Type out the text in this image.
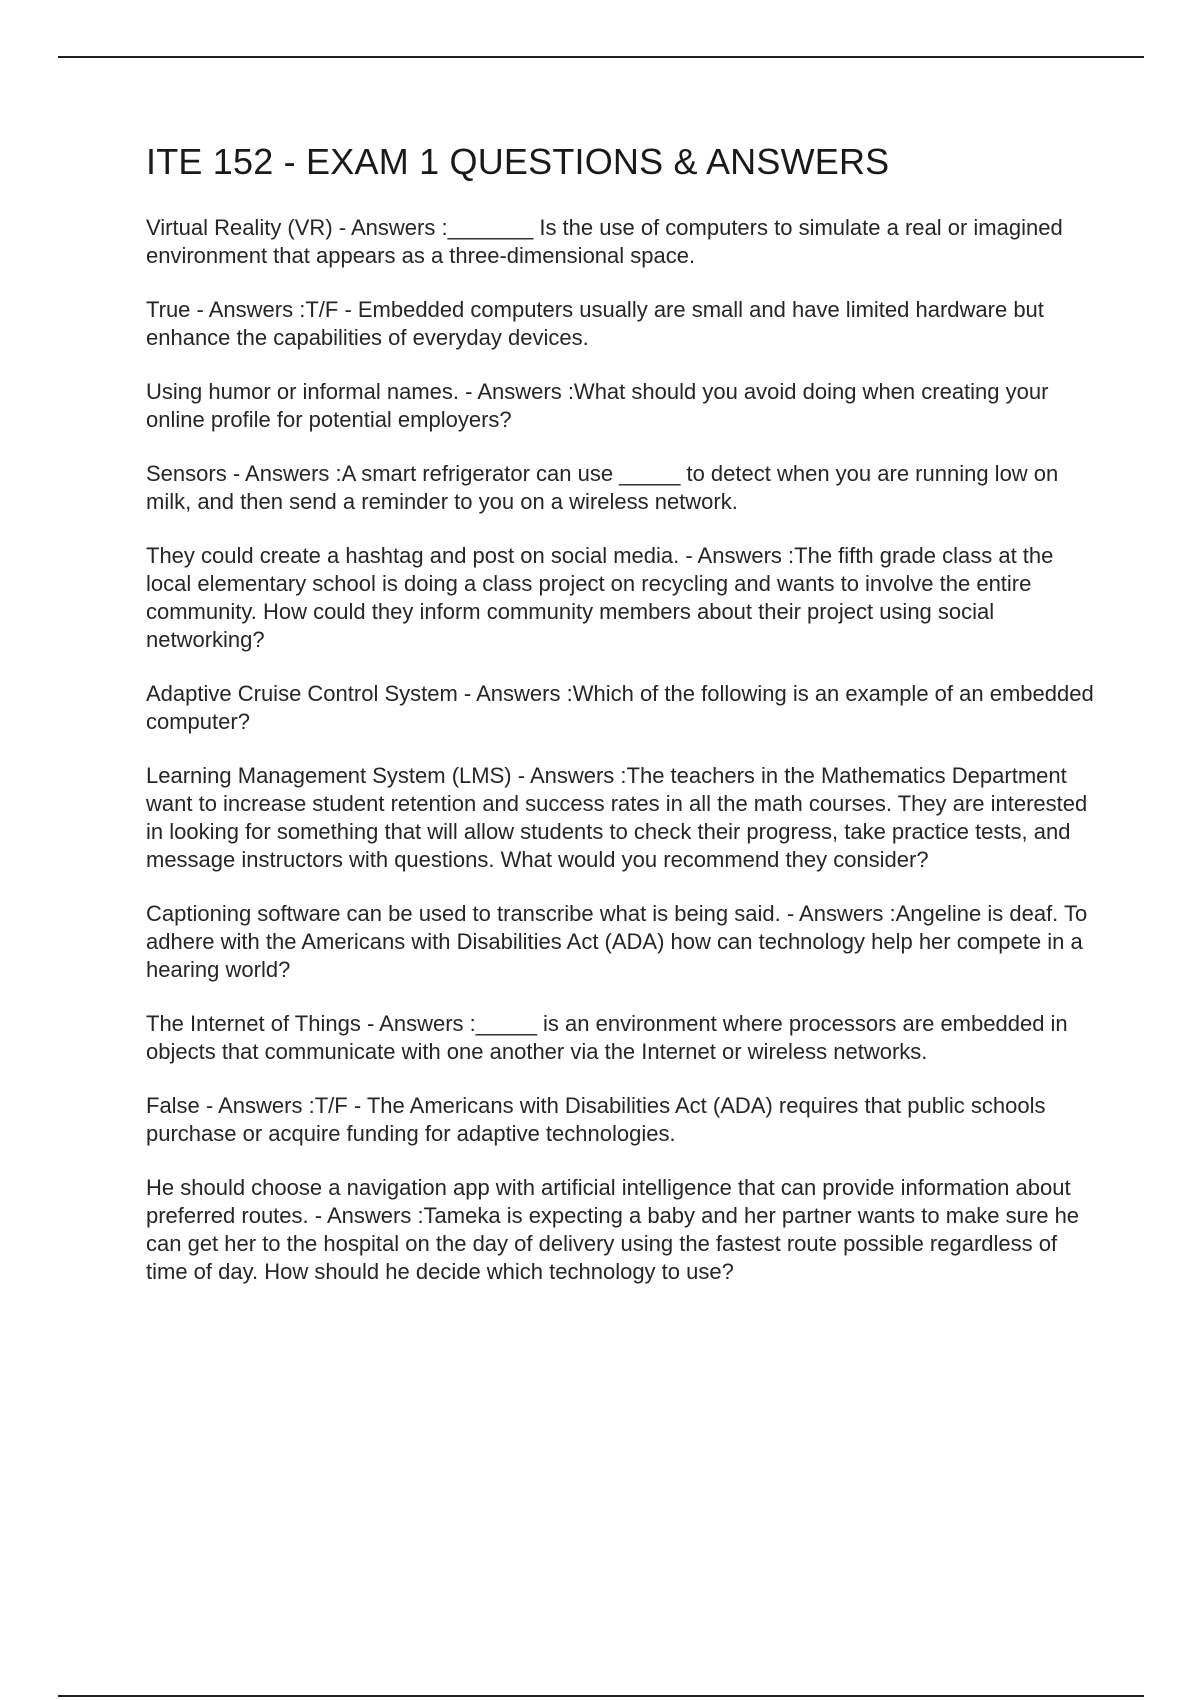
ITE 152 - EXAM 1 QUESTIONS & ANSWERS

Virtual Reality (VR) - Answers :_______ Is the use of computers to simulate a real or imagined environment that appears as a three-dimensional space.

True - Answers :T/F - Embedded computers usually are small and have limited hardware but enhance the capabilities of everyday devices.

Using humor or informal names. - Answers :What should you avoid doing when creating your online profile for potential employers?

Sensors - Answers :A smart refrigerator can use _____ to detect when you are running low on milk, and then send a reminder to you on a wireless network.

They could create a hashtag and post on social media. - Answers :The fifth grade class at the local elementary school is doing a class project on recycling and wants to involve the entire community. How could they inform community members about their project using social networking?

Adaptive Cruise Control System - Answers :Which of the following is an example of an embedded computer?

Learning Management System (LMS) - Answers :The teachers in the Mathematics Department want to increase student retention and success rates in all the math courses. They are interested in looking for something that will allow students to check their progress, take practice tests, and message instructors with questions. What would you recommend they consider?

Captioning software can be used to transcribe what is being said. - Answers :Angeline is deaf. To adhere with the Americans with Disabilities Act (ADA) how can technology help her compete in a hearing world?

The Internet of Things - Answers :_____ is an environment where processors are embedded in objects that communicate with one another via the Internet or wireless networks.

False - Answers :T/F - The Americans with Disabilities Act (ADA) requires that public schools purchase or acquire funding for adaptive technologies.

He should choose a navigation app with artificial intelligence that can provide information about preferred routes. - Answers :Tameka is expecting a baby and her partner wants to make sure he can get her to the hospital on the day of delivery using the fastest route possible regardless of time of day. How should he decide which technology to use?
